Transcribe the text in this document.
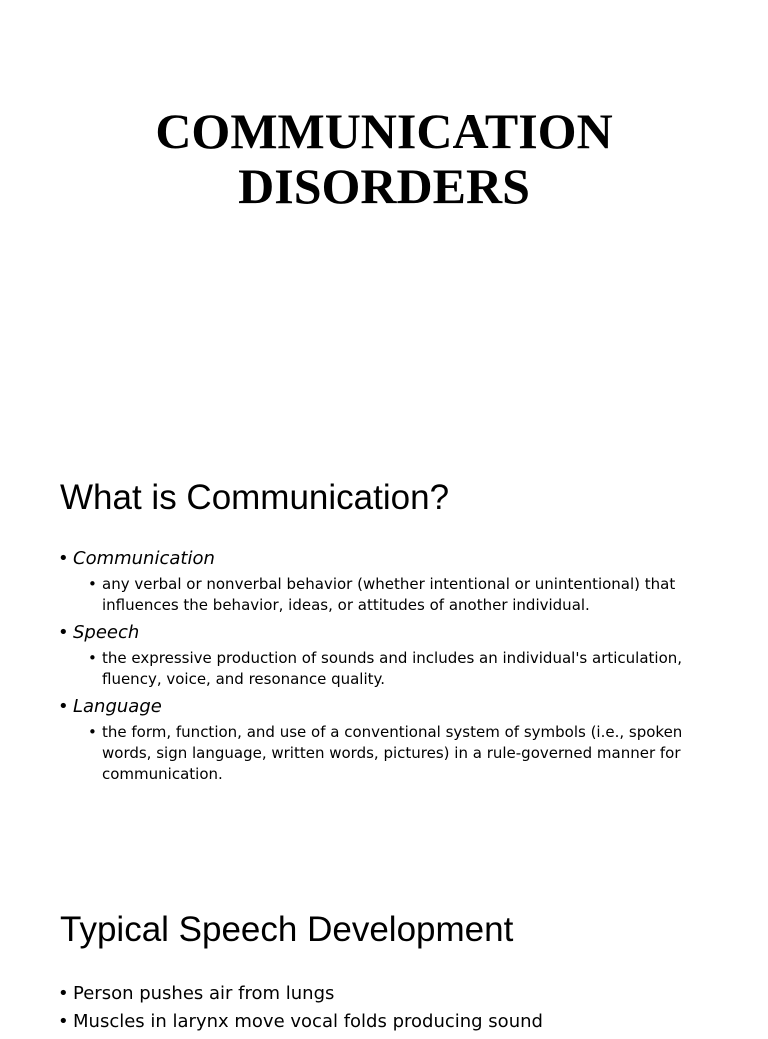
COMMUNICATION
DISORDERS
What is Communication?
• Communication
• any verbal or nonverbal behavior (whether intentional or unintentional) that influences the behavior, ideas, or attitudes of another individual.
• Speech
• the expressive production of sounds and includes an individual's articulation, fluency, voice, and resonance quality.
• Language
• the form, function, and use of a conventional system of symbols (i.e., spoken words, sign language, written words, pictures) in a rule-governed manner for communication.
Typical Speech Development
• Person pushes air from lungs
• Muscles in larynx move vocal folds producing sound
